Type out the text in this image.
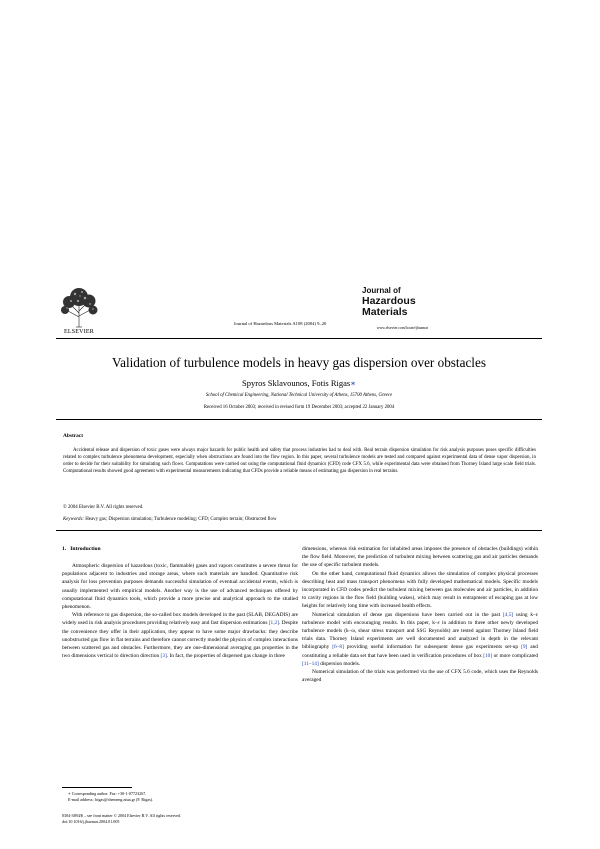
ELSEVIER
Journal of Hazardous Materials A108 (2004) 9–20
Journal of
Hazardous
Materials
www.elsevier.com/locate/jhazmat
Validation of turbulence models in heavy gas dispersion over obstacles
Spyros Sklavounos, Fotis Rigas∗
School of Chemical Engineering, National Technical University of Athens, 15700 Athens, Greece
Received 16 October 2003; received in revised form 19 December 2003; accepted 22 January 2004
Abstract
Accidental release and dispersion of toxic gases were always major hazards for public health and safety that process industries had to deal with. Real terrain dispersion simulation for risk analysis purposes poses specific difficulties related to complex turbulence phenomena development, especially when obstructions are found into the flow region. In this paper, several turbulence models are tested and compared against experimental data of dense vapor dispersion, in order to decide for their suitability for simulating such flows. Computations were carried out using the computational fluid dynamics (CFD) code CFX 5.6, while experimental data were obtained from Thorney Island large scale field trials. Computational results showed good agreement with experimental measurements indicating that CFDs provide a reliable means of estimating gas dispersion in real terrains.
© 2004 Elsevier B.V. All rights reserved.
Keywords: Heavy gas; Dispersion simulation; Turbulence modeling; CFD; Complex terrain; Obstructed flow
1. Introduction

Atmospheric dispersion of hazardous (toxic, flammable) gases and vapors constitutes a severe threat for populations adjacent to industries and storage areas, where such materials are handled. Quantitative risk analysis for loss prevention purposes demands successful simulation of eventual accidental events, which is usually implemented with empirical models. Another way is the use of advanced techniques offered by computational fluid dynamics tools, which provide a more precise and analytical approach to the studied phenomenon.

With reference to gas dispersion, the so-called box models developed in the past (SLAB, DEGADIS) are widely used in risk analysis procedures providing relatively easy and fast dispersion estimations [1,2]. Despite the convenience they offer in their application, they appear to have some major drawbacks: they describe unobstructed gas flow in flat terrains and therefore cannot correctly model the physics of complex interactions between scattered gas and obstacles. Furthermore, they are one-dimensional averaging gas properties in the two dimensions vertical to direction direction [3]. In fact, the properties of dispersed gas change in three

dimensions, whereas risk estimation for inhabited areas imposes the presence of obstacles (buildings) within the flow field. Moreover, the prediction of turbulent mixing between scattering gas and air particles demands the use of specific turbulent models.

On the other hand, computational fluid dynamics allows the simulation of complex physical processes describing heat and mass transport phenomena with fully developed mathematical models. Specific models incorporated in CFD codes predict the turbulent mixing between gas molecules and air particles, in addition to cavity regions in the flow field (building wakes), which may result in entrapment of escaping gas at low heights for relatively long time with increased health effects.

Numerical simulation of dense gas dispersions have been carried out in the past [4,5] using k–ε turbulence model with encouraging results. In this paper, k–ε in addition to three other newly developed turbulence models (k–ω, shear stress transport and SSG Reynolds) are tested against Thorney Island field trials data. Thorney Island experiments are well documented and analyzed in depth in the relevant bibliography [6–8] providing useful information for subsequent dense gas experiments set-up [9] and constituting a reliable data set that have been used in verification procedures of box [10] or more complicated [11–14] dispersion models.

Numerical simulation of the trials was performed via the use of CFX 5.6 code, which uses the Reynolds averaged

∗ Corresponding author. Fax: +30-1-07723267.

E-mail address: frigas@chemeng.ntua.gr (F. Rigas).

0304-3894/$ – see front matter © 2004 Elsevier B.V. All rights reserved.
doi:10.1016/j.jhazmat.2004.01.005
